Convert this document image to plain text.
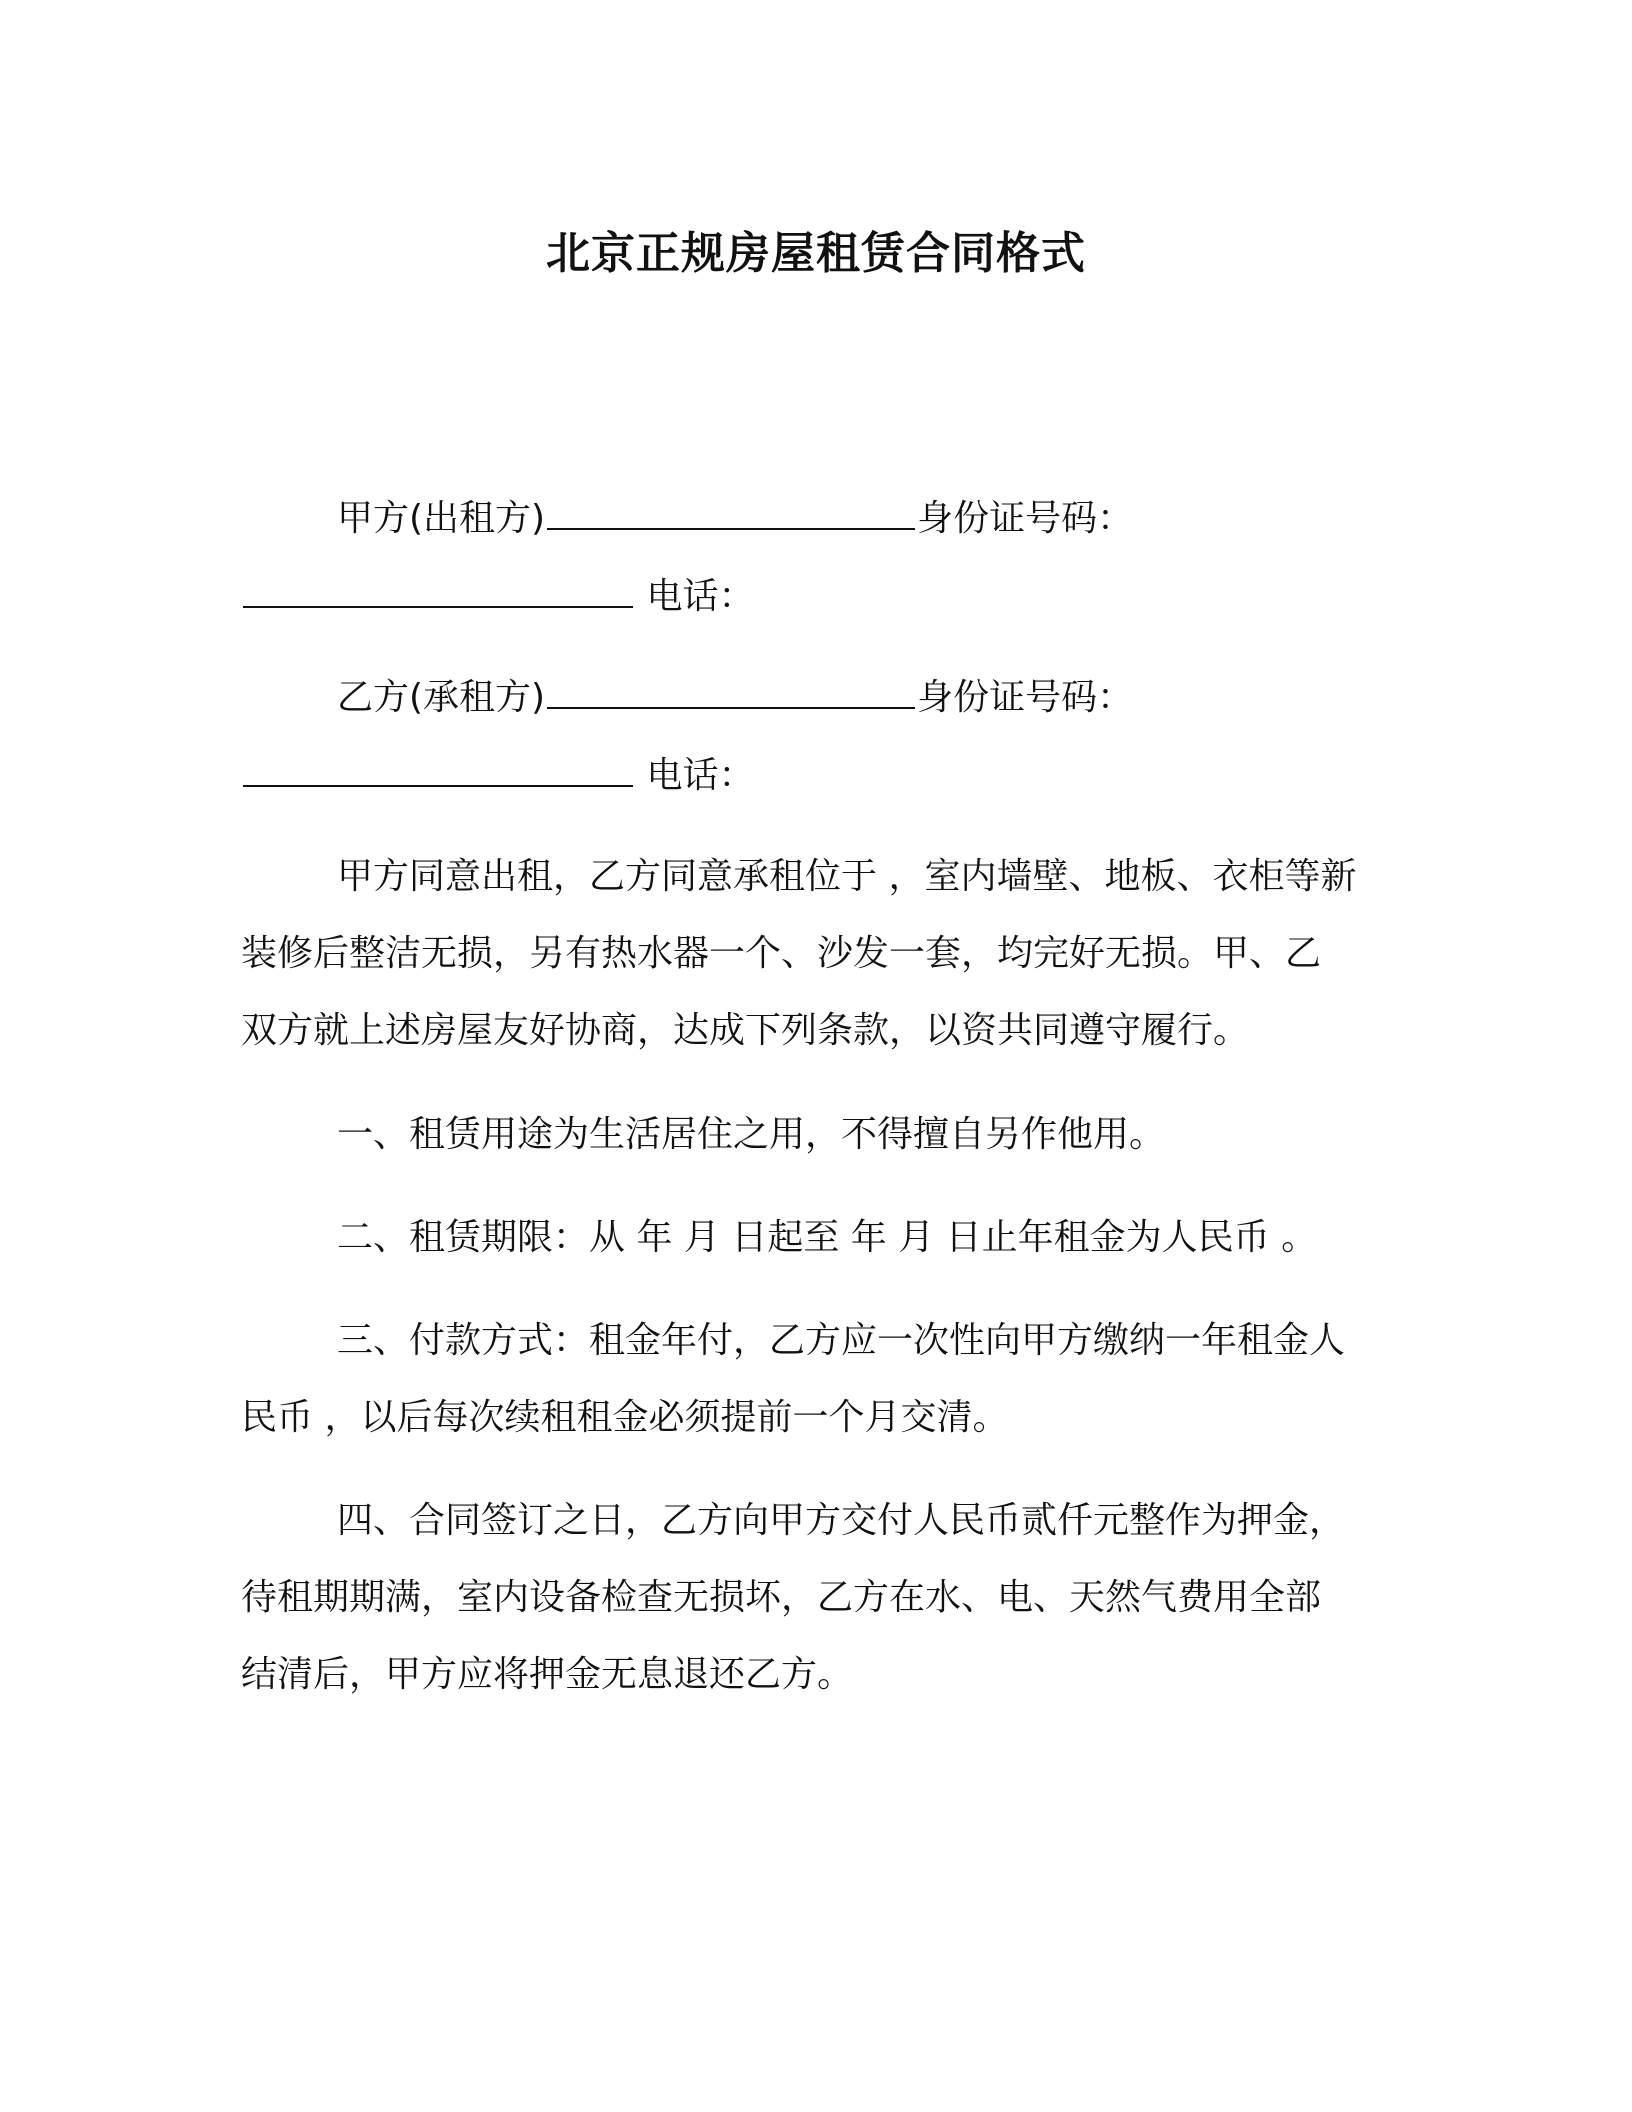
北京正规房屋租赁合同格式
甲方(出租方)	身份证号码：
电话：
乙方(承租方)	身份证号码：
电话：
甲方同意出租，乙方同意承租位于 ，室内墙壁、地板、衣柜等新
装修后整洁无损，另有热水器一个、沙发一套，均完好无损。甲、乙
双方就上述房屋友好协商，达成下列条款，以资共同遵守履行。
一、租赁用途为生活居住之用，不得擅自另作他用。
二、租赁期限：从 年 月 日起至 年 月 日止年租金为人民币 。
三、付款方式：租金年付，乙方应一次性向甲方缴纳一年租金人
民币 ，以后每次续租租金必须提前一个月交清。
四、合同签订之日，乙方向甲方交付人民币贰仟元整作为押金，
待租期期满，室内设备检查无损坏，乙方在水、电、天然气费用全部
结清后，甲方应将押金无息退还乙方。
